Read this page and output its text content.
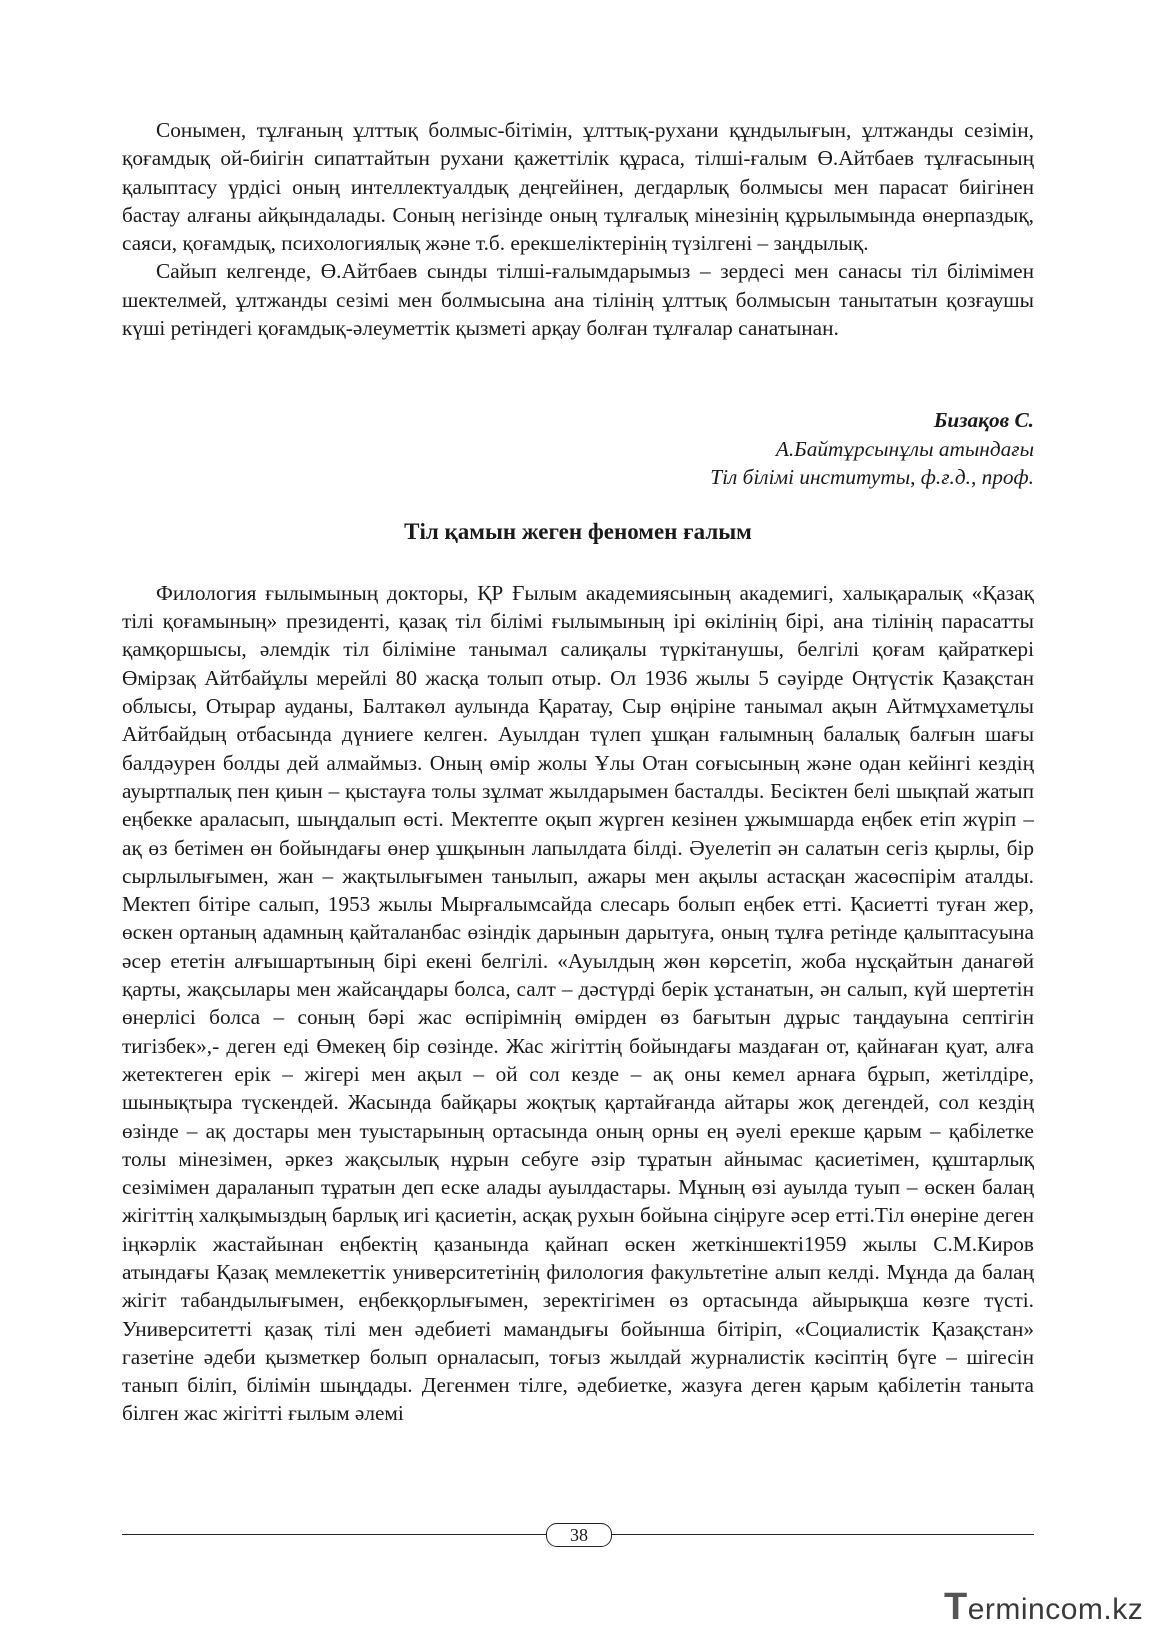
Сонымен, тұлғаның ұлттық болмыс-бітімін, ұлттық-рухани құндылығын, ұлтжанды сезімін, қоғамдық ой-биігін сипаттайтын рухани қажеттілік құраса, тілші-ғалым Ө.Айтбаев тұлғасының қалыптасу үрдісі оның интеллектуалдық деңгейінен, дегдарлық болмысы мен парасат биігінен бастау алғаны айқындалады. Соның негізінде оның тұлғалық мінезінің құрылымында өнерпаздық, саяси, қоғамдық, психологиялық және т.б. ерекшеліктерінің түзілгені – заңдылық.

Сайып келгенде, Ө.Айтбаев сынды тілші-ғалымдарымыз – зердесі мен санасы тіл білімімен шектелмей, ұлтжанды сезімі мен болмысына ана тілінің ұлттық болмысын танытатын қозғаушы күші ретіндегі қоғамдық-әлеуметтік қызметі арқау болған тұлғалар санатынан.

Бизақов С.
А.Байтұрсынұлы атындағы
Тіл білімі институты, ф.ғ.д., проф.
Тіл қамын жеген феномен ғалым

Филология ғылымының докторы, ҚР Ғылым академиясының академигі, халықаралық «Қазақ тілі қоғамының» президенті, қазақ тіл білімі ғылымының ірі өкілінің бірі, ана тілінің парасатты қамқоршысы, әлемдік тіл біліміне танымал салиқалы түркітанушы, белгілі қоғам қайраткері Өмірзақ Айтбайұлы мерейлі 80 жасқа толып отыр. Ол 1936 жылы 5 сәуірде Оңтүстік Қазақстан облысы, Отырар ауданы, Балтакөл аулында Қаратау, Сыр өңіріне танымал ақын Айтмұхаметұлы Айтбайдың отбасында дүниеге келген. Ауылдан түлеп ұшқан ғалымның балалық балғын шағы балдәурен болды дей алмаймыз. Оның өмір жолы Ұлы Отан соғысының және одан кейінгі кездің ауыртпалық пен қиын – қыстауға толы зұлмат жылдарымен басталды. Бесіктен белі шықпай жатып еңбекке араласып, шыңдалып өсті. Мектепте оқып жүрген кезінен ұжымшарда еңбек етіп жүріп – ақ өз бетімен өн бойындағы өнер ұшқынын лапылдата білді. Әуелетіп ән салатын сегіз қырлы, бір сырлылығымен, жан – жақтылығымен танылып, ажары мен ақылы астасқан жасөспірім аталды. Мектеп бітіре салып, 1953 жылы Мырғалымсайда слесарь болып еңбек етті. Қасиетті туған жер, өскен ортаның адамның қайталанбас өзіндік дарынын дарытуға, оның тұлға ретінде қалыптасуына әсер ететін алғышартының бірі екені белгілі. «Ауылдың жөн көрсетіп, жоба нұсқайтын данагөй қарты, жақсылары мен жайсаңдары болса, салт – дәстүрді берік ұстанатын, ән салып, күй шертетін өнерлісі болса – соның бәрі жас өспірімнің өмірден өз бағытын дұрыс таңдауына септігін тигізбек»,- деген еді Өмекең бір сөзінде. Жас жігіттің бойындағы маздаған от, қайнаған қуат, алға жетектеген ерік – жігері мен ақыл – ой сол кезде – ақ оны кемел арнаға бұрып, жетілдіре, шынықтыра түскендей. Жасында байқары жоқтық қартайғанда айтары жоқ дегендей, сол кездің өзінде – ақ достары мен туыстарының ортасында оның орны ең әуелі ерекше қарым – қабілетке толы мінезімен, әркез жақсылық нұрын себуге әзір тұратын айнымас қасиетімен, құштарлық сезімімен дараланып тұратын деп еске алады ауылдастары. Мұның өзі ауылда туып – өскен балаң жігіттің халқымыздың барлық игі қасиетін, асқақ рухын бойына сіңіруге әсер етті.Тіл өнеріне деген іңкәрлік жастайынан еңбектің қазанында қайнап өскен жеткіншекті1959 жылы С.М.Киров атындағы Қазақ мемлекеттік университетінің филология факультетіне алып келді. Мұнда да балаң жігіт табандылығымен, еңбекқорлығымен, зеректігімен өз ортасында айырықша көзге түсті. Университетті қазақ тілі мен әдебиеті мамандығы бойынша бітіріп, «Социалистік Қазақстан» газетіне әдеби қызметкер болып орналасып, тоғыз жылдай журналистік кәсіптің бүге – шігесін танып біліп, білімін шыңдады. Дегенмен тілге, әдебиетке, жазуға деген қарым қабілетін таныта білген жас жігітті ғылым әлемі

38
Termincom.kz
